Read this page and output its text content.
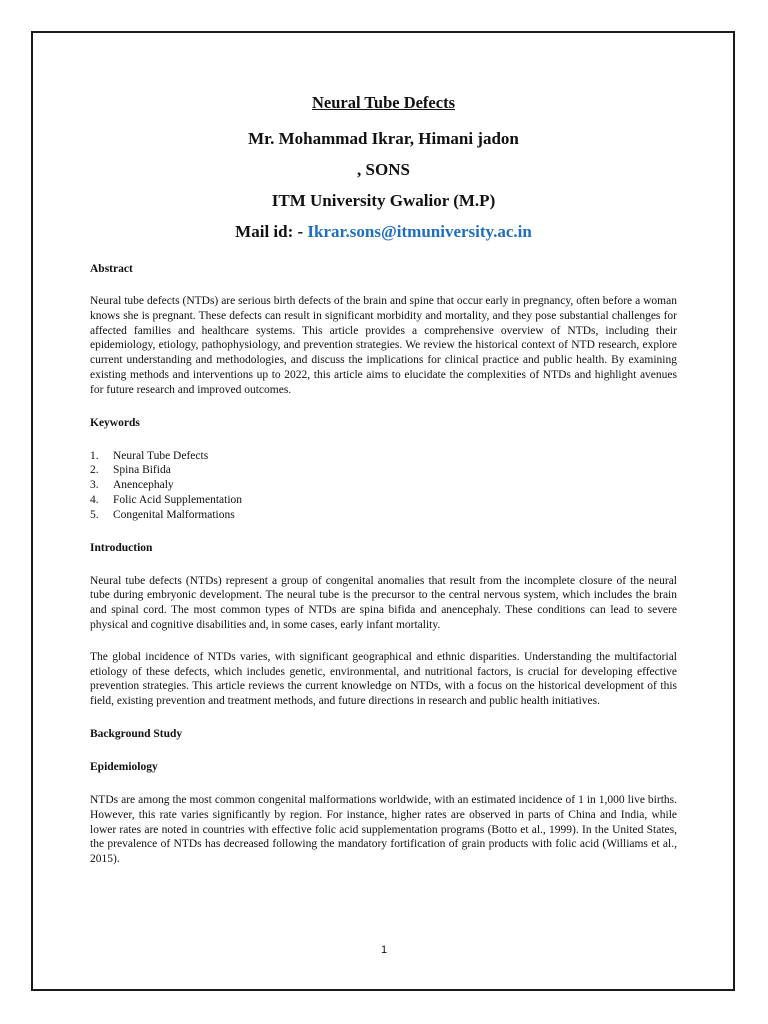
Neural Tube Defects
Mr. Mohammad Ikrar, Himani jadon
, SONS
ITM University Gwalior (M.P)
Mail id: - Ikrar.sons@itmuniversity.ac.in
Abstract

Neural tube defects (NTDs) are serious birth defects of the brain and spine that occur early in pregnancy, often before a woman knows she is pregnant. These defects can result in significant morbidity and mortality, and they pose substantial challenges for affected families and healthcare systems. This article provides a comprehensive overview of NTDs, including their epidemiology, etiology, pathophysiology, and prevention strategies. We review the historical context of NTD research, explore current understanding and methodologies, and discuss the implications for clinical practice and public health. By examining existing methods and interventions up to 2022, this article aims to elucidate the complexities of NTDs and highlight avenues for future research and improved outcomes.

Keywords
1.	Neural Tube Defects
2.	Spina Bifida
3.	Anencephaly
4.	Folic Acid Supplementation
5.	Congenital Malformations
Introduction

Neural tube defects (NTDs) represent a group of congenital anomalies that result from the incomplete closure of the neural tube during embryonic development. The neural tube is the precursor to the central nervous system, which includes the brain and spinal cord. The most common types of NTDs are spina bifida and anencephaly. These conditions can lead to severe physical and cognitive disabilities and, in some cases, early infant mortality.

The global incidence of NTDs varies, with significant geographical and ethnic disparities. Understanding the multifactorial etiology of these defects, which includes genetic, environmental, and nutritional factors, is crucial for developing effective prevention strategies. This article reviews the current knowledge on NTDs, with a focus on the historical development of this field, existing prevention and treatment methods, and future directions in research and public health initiatives.

Background Study
Epidemiology

NTDs are among the most common congenital malformations worldwide, with an estimated incidence of 1 in 1,000 live births. However, this rate varies significantly by region. For instance, higher rates are observed in parts of China and India, while lower rates are noted in countries with effective folic acid supplementation programs (Botto et al., 1999). In the United States, the prevalence of NTDs has decreased following the mandatory fortification of grain products with folic acid (Williams et al., 2015).

1
